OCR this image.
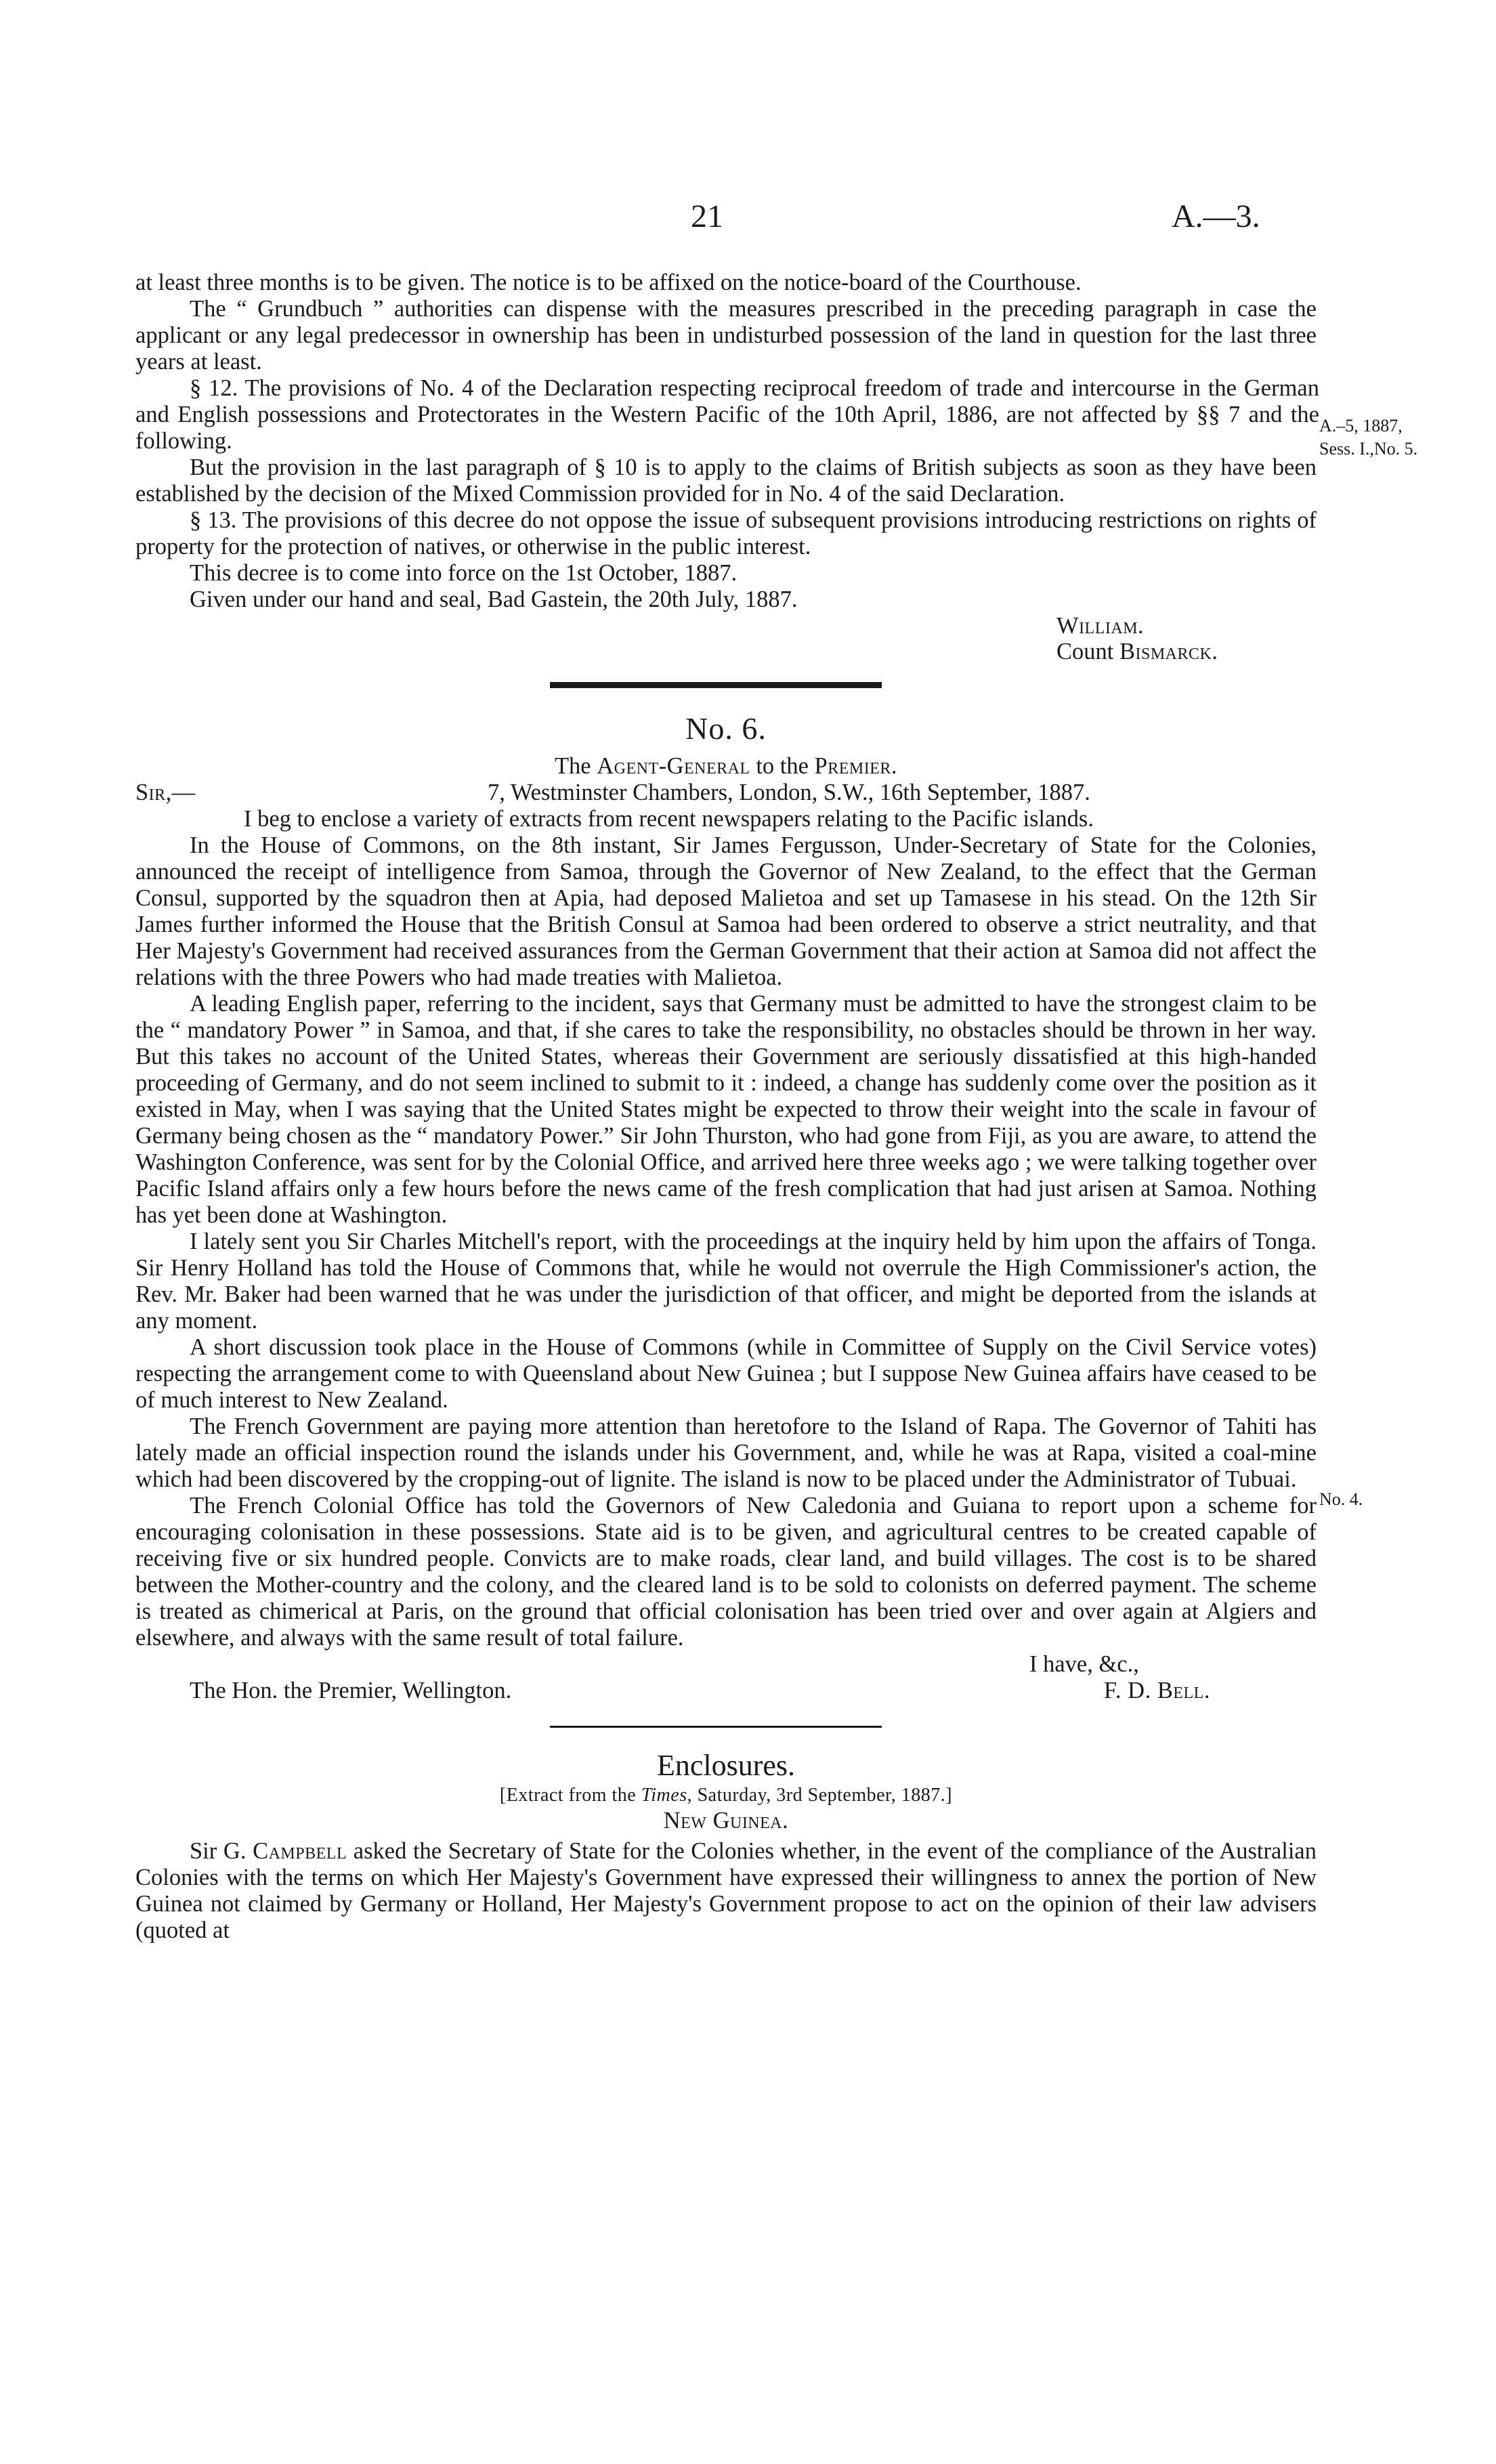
21	A.—3.
A.–5, 1887,
Sess. I.,No. 5.
No. 4.

at least three months is to be given. The notice is to be affixed on the notice-board of the Courthouse.

The “ Grundbuch ” authorities can dispense with the measures prescribed in the preceding paragraph in case the applicant or any legal predecessor in ownership has been in undisturbed possession of the land in question for the last three years at least.

§ 12. The provisions of No. 4 of the Declaration respecting reciprocal freedom of trade and intercourse in the German and English possessions and Protectorates in the Western Pacific of the 10th April, 1886, are not affected by §§ 7 and the following.

But the provision in the last paragraph of § 10 is to apply to the claims of British subjects as soon as they have been established by the decision of the Mixed Commission provided for in No. 4 of the said Declaration.

§ 13. The provisions of this decree do not oppose the issue of subsequent provisions introducing restrictions on rights of property for the protection of natives, or otherwise in the public interest.

This decree is to come into force on the 1st October, 1887.

Given under our hand and seal, Bad Gastein, the 20th July, 1887.

William.
Count Bismarck.
No. 6.
The Agent-General to the Premier.
Sir,—	7, Westminster Chambers, London, S.W., 16th September, 1887.

I beg to enclose a variety of extracts from recent newspapers relating to the Pacific islands.

In the House of Commons, on the 8th instant, Sir James Fergusson, Under-Secretary of State for the Colonies, announced the receipt of intelligence from Samoa, through the Governor of New Zealand, to the effect that the German Consul, supported by the squadron then at Apia, had deposed Malietoa and set up Tamasese in his stead. On the 12th Sir James further informed the House that the British Consul at Samoa had been ordered to observe a strict neutrality, and that Her Majesty's Government had received assurances from the German Government that their action at Samoa did not affect the relations with the three Powers who had made treaties with Malietoa.

A leading English paper, referring to the incident, says that Germany must be admitted to have the strongest claim to be the “ mandatory Power ” in Samoa, and that, if she cares to take the responsibility, no obstacles should be thrown in her way. But this takes no account of the United States, whereas their Government are seriously dissatisfied at this high-handed proceeding of Germany, and do not seem inclined to submit to it : indeed, a change has suddenly come over the position as it existed in May, when I was saying that the United States might be expected to throw their weight into the scale in favour of Germany being chosen as the “ mandatory Power.” Sir John Thurston, who had gone from Fiji, as you are aware, to attend the Washington Conference, was sent for by the Colonial Office, and arrived here three weeks ago ; we were talking together over Pacific Island affairs only a few hours before the news came of the fresh complication that had just arisen at Samoa. Nothing has yet been done at Washington.

I lately sent you Sir Charles Mitchell's report, with the proceedings at the inquiry held by him upon the affairs of Tonga. Sir Henry Holland has told the House of Commons that, while he would not overrule the High Commissioner's action, the Rev. Mr. Baker had been warned that he was under the jurisdiction of that officer, and might be deported from the islands at any moment.

A short discussion took place in the House of Commons (while in Committee of Supply on the Civil Service votes) respecting the arrangement come to with Queensland about New Guinea ; but I suppose New Guinea affairs have ceased to be of much interest to New Zealand.

The French Government are paying more attention than heretofore to the Island of Rapa. The Governor of Tahiti has lately made an official inspection round the islands under his Government, and, while he was at Rapa, visited a coal-mine which had been discovered by the cropping-out of lignite. The island is now to be placed under the Administrator of Tubuai.

The French Colonial Office has told the Governors of New Caledonia and Guiana to report upon a scheme for encouraging colonisation in these possessions. State aid is to be given, and agricultural centres to be created capable of receiving five or six hundred people. Convicts are to make roads, clear land, and build villages. The cost is to be shared between the Mother-country and the colony, and the cleared land is to be sold to colonists on deferred payment. The scheme is treated as chimerical at Paris, on the ground that official colonisation has been tried over and over again at Algiers and elsewhere, and always with the same result of total failure.

I have, &c.,
The Hon. the Premier, Wellington.	F. D. Bell.
Enclosures.
[Extract from the Times, Saturday, 3rd September, 1887.]
New Guinea.

Sir G. Campbell asked the Secretary of State for the Colonies whether, in the event of the compliance of the Australian Colonies with the terms on which Her Majesty's Government have expressed their willingness to annex the portion of New Guinea not claimed by Germany or Holland, Her Majesty's Government propose to act on the opinion of their law advisers (quoted at
